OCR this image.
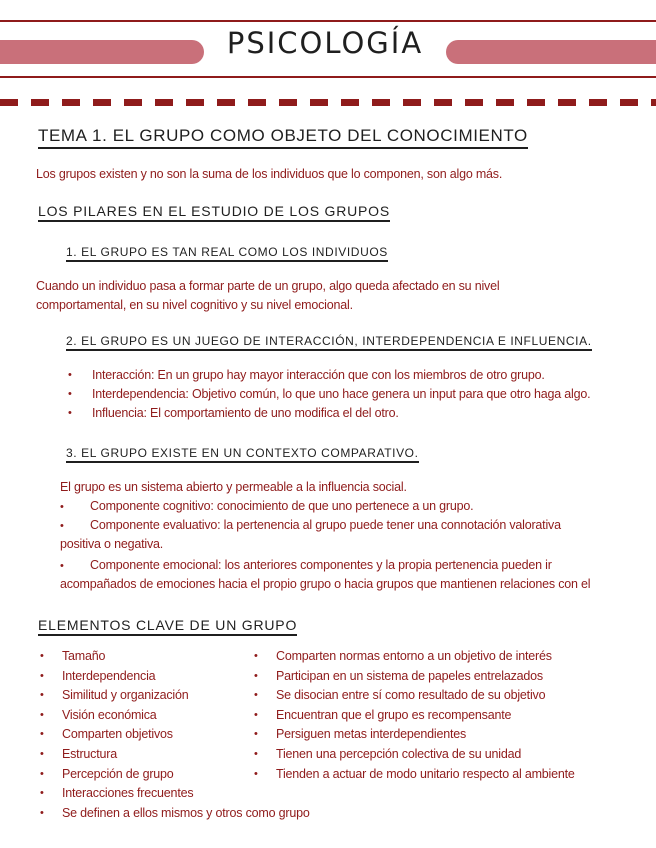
PSICOLOGÍA
TEMA 1. EL GRUPO COMO OBJETO DEL CONOCIMIENTO
Los grupos existen y no son la suma de los individuos que lo componen, son algo más.
LOS PILARES EN EL ESTUDIO DE LOS GRUPOS
1. EL GRUPO ES TAN REAL COMO LOS INDIVIDUOS
Cuando un individuo pasa a formar parte de un grupo, algo queda afectado en su nivel
comportamental, en su nivel cognitivo y su nivel emocional.
2. EL GRUPO ES UN JUEGO DE INTERACCIÓN, INTERDEPENDENCIA E INFLUENCIA.
• Interacción: En un grupo hay mayor interacción que con los miembros de otro grupo.
• Interdependencia: Objetivo común, lo que uno hace genera un input para que otro haga algo.
• Influencia: El comportamiento de uno modifica el del otro.
3. EL GRUPO EXISTE EN UN CONTEXTO COMPARATIVO.
El grupo es un sistema abierto y permeable a la influencia social.
• Componente cognitivo: conocimiento de que uno pertenece a un grupo.
• Componente evaluativo: la pertenencia al grupo puede tener una connotación valorativa
positiva o negativa.
• Componente emocional: los anteriores componentes y la propia pertenencia pueden ir
acompañados de emociones hacia el propio grupo o hacia grupos que mantienen relaciones con el
ELEMENTOS CLAVE DE UN GRUPO
• Tamaño
• Interdependencia
• Similitud y organización
• Visión económica
• Comparten objetivos
• Estructura
• Percepción de grupo
• Interacciones frecuentes
• Se definen a ellos mismos y otros como grupo
• Comparten normas entorno a un objetivo de interés
• Participan en un sistema de papeles entrelazados
• Se disocian entre sí como resultado de su objetivo
• Encuentran que el grupo es recompensante
• Persiguen metas interdependientes
• Tienen una percepción colectiva de su unidad
• Tienden a actuar de modo unitario respecto al ambiente
